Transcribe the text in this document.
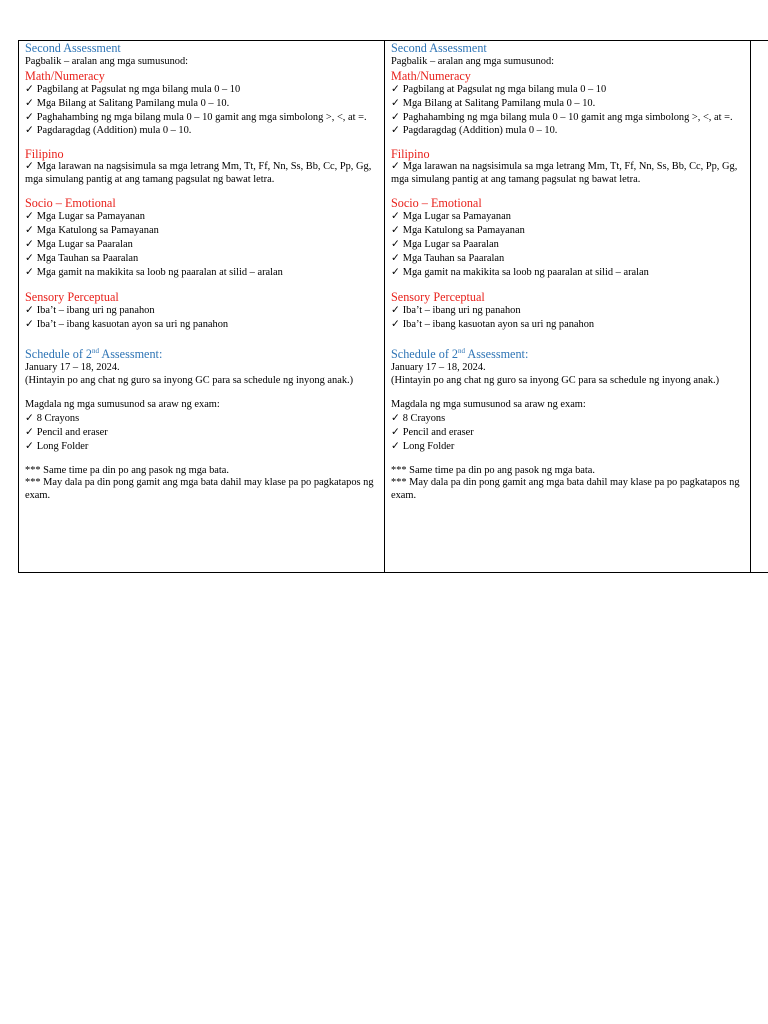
Second Assessment
Pagbalik – aralan ang mga sumusunod:
Math/Numeracy
✓ Pagbilang at Pagsulat ng mga bilang mula 0 – 10
✓ Mga Bilang at Salitang Pamilang mula 0 – 10.
✓ Paghahambing ng mga bilang mula 0 – 10 gamit ang mga simbolong >, <, at =.
✓ Pagdaragdag (Addition) mula 0 – 10.
Filipino
✓ Mga larawan na nagsisimula sa mga letrang Mm, Tt, Ff, Nn, Ss, Bb, Cc, Pp, Gg, mga simulang pantig at ang tamang pagsulat ng bawat letra.
Socio – Emotional
✓ Mga Lugar sa Pamayanan
✓ Mga Katulong sa Pamayanan
✓ Mga Lugar sa Paaralan
✓ Mga Tauhan sa Paaralan
✓ Mga gamit na makikita sa loob ng paaralan at silid – aralan
Sensory Perceptual
✓ Iba’t – ibang uri ng panahon
✓ Iba’t – ibang kasuotan ayon sa uri ng panahon
Schedule of 2nd Assessment:
January 17 – 18, 2024.
(Hintayin po ang chat ng guro sa inyong GC para sa schedule ng inyong anak.)
Magdala ng mga sumusunod sa araw ng exam:
✓ 8 Crayons
✓ Pencil and eraser
✓ Long Folder
*** Same time pa din po ang pasok ng mga bata.
*** May dala pa din pong gamit ang mga bata dahil may klase pa po pagkatapos ng exam.
Second Assessment
Pagbalik – aralan ang mga sumusunod:
Math/Numeracy
✓ Pagbilang at Pagsulat ng mga bilang mula 0 – 10
✓ Mga Bilang at Salitang Pamilang mula 0 – 10.
✓ Paghahambing ng mga bilang mula 0 – 10 gamit ang mga simbolong >, <, at =.
✓ Pagdaragdag (Addition) mula 0 – 10.
Filipino
✓ Mga larawan na nagsisimula sa mga letrang Mm, Tt, Ff, Nn, Ss, Bb, Cc, Pp, Gg, mga simulang pantig at ang tamang pagsulat ng bawat letra.
Socio – Emotional
✓ Mga Lugar sa Pamayanan
✓ Mga Katulong sa Pamayanan
✓ Mga Lugar sa Paaralan
✓ Mga Tauhan sa Paaralan
✓ Mga gamit na makikita sa loob ng paaralan at silid – aralan
Sensory Perceptual
✓ Iba’t – ibang uri ng panahon
✓ Iba’t – ibang kasuotan ayon sa uri ng panahon
Schedule of 2nd Assessment:
January 17 – 18, 2024.
(Hintayin po ang chat ng guro sa inyong GC para sa schedule ng inyong anak.)
Magdala ng mga sumusunod sa araw ng exam:
✓ 8 Crayons
✓ Pencil and eraser
✓ Long Folder
*** Same time pa din po ang pasok ng mga bata.
*** May dala pa din pong gamit ang mga bata dahil may klase pa po pagkatapos ng exam.
